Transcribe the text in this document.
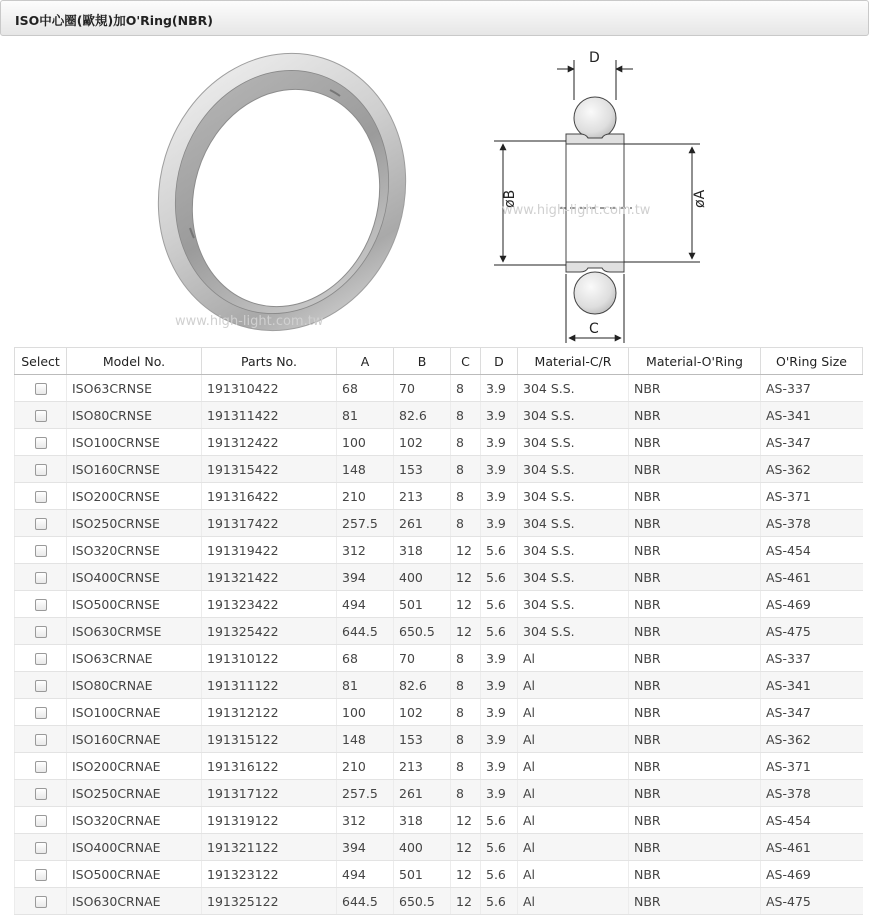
ISO中心圈(歐規)加O'Ring(NBR)
www.high-light.com.tw
D
øB	øA
C
www.high-light.com.tw
Select	Model No.	Parts No.	A	B	C	D	Material-C/R	Material-O'Ring	O'Ring Size
	ISO63CRNSE	191310422	68	70	8	3.9	304 S.S.	NBR	AS-337
	ISO80CRNSE	191311422	81	82.6	8	3.9	304 S.S.	NBR	AS-341
	ISO100CRNSE	191312422	100	102	8	3.9	304 S.S.	NBR	AS-347
	ISO160CRNSE	191315422	148	153	8	3.9	304 S.S.	NBR	AS-362
	ISO200CRNSE	191316422	210	213	8	3.9	304 S.S.	NBR	AS-371
	ISO250CRNSE	191317422	257.5	261	8	3.9	304 S.S.	NBR	AS-378
	ISO320CRNSE	191319422	312	318	12	5.6	304 S.S.	NBR	AS-454
	ISO400CRNSE	191321422	394	400	12	5.6	304 S.S.	NBR	AS-461
	ISO500CRNSE	191323422	494	501	12	5.6	304 S.S.	NBR	AS-469
	ISO630CRMSE	191325422	644.5	650.5	12	5.6	304 S.S.	NBR	AS-475
	ISO63CRNAE	191310122	68	70	8	3.9	Al	NBR	AS-337
	ISO80CRNAE	191311122	81	82.6	8	3.9	Al	NBR	AS-341
	ISO100CRNAE	191312122	100	102	8	3.9	Al	NBR	AS-347
	ISO160CRNAE	191315122	148	153	8	3.9	Al	NBR	AS-362
	ISO200CRNAE	191316122	210	213	8	3.9	Al	NBR	AS-371
	ISO250CRNAE	191317122	257.5	261	8	3.9	Al	NBR	AS-378
	ISO320CRNAE	191319122	312	318	12	5.6	Al	NBR	AS-454
	ISO400CRNAE	191321122	394	400	12	5.6	Al	NBR	AS-461
	ISO500CRNAE	191323122	494	501	12	5.6	Al	NBR	AS-469
	ISO630CRNAE	191325122	644.5	650.5	12	5.6	Al	NBR	AS-475
